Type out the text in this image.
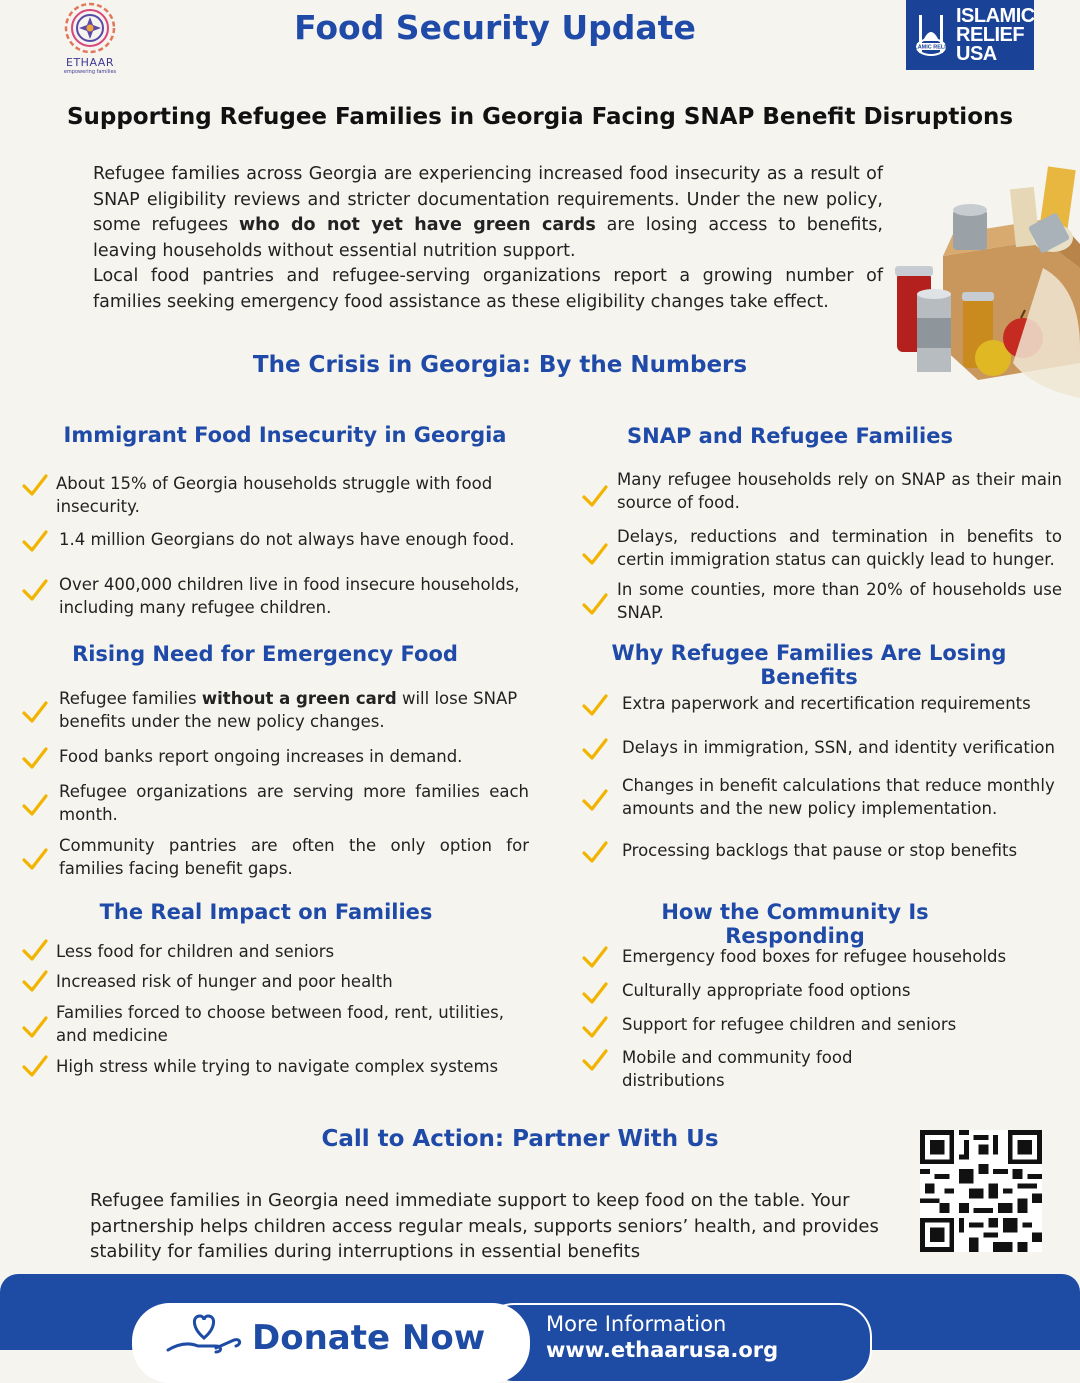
ETHAAR
empowering families
Food Security Update
ISLAMIC RELIEF
ISLAMIC
RELIEF
USA
Supporting Refugee Families in Georgia Facing SNAP Benefit Disruptions
Refugee families across Georgia are experiencing increased food insecurity as a result of SNAP eligibility reviews and stricter documentation requirements. Under the new policy, some refugees who do not yet have green cards are losing access to benefits, leaving households without essential nutrition support.
Local food pantries and refugee-serving organizations report a growing number of families seeking emergency food assistance as these eligibility changes take effect.
The Crisis in Georgia: By the Numbers
Immigrant Food Insecurity in Georgia
About 15% of Georgia households struggle with food insecurity.
1.4 million Georgians do not always have enough food.
Over 400,000 children live in food insecure households, including many refugee children.
SNAP and Refugee Families
Many refugee households rely on SNAP as their main source of food.
Delays, reductions and termination in benefits to certin immigration status can quickly lead to hunger.
In some counties, more than 20% of households use SNAP.
Rising Need for Emergency Food
Refugee families without a green card will lose SNAP benefits under the new policy changes.
Food banks report ongoing increases in demand.
Refugee organizations are serving more families each month.
Community pantries are often the only option for families facing benefit gaps.
Why Refugee Families Are Losing Benefits
Extra paperwork and recertification requirements
Delays in immigration, SSN, and identity verification
Changes in benefit calculations that reduce monthly amounts and the new policy implementation.
Processing backlogs that pause or stop benefits
The Real Impact on Families
Less food for children and seniors
Increased risk of hunger and poor health
Families forced to choose between food, rent, utilities, and medicine
High stress while trying to navigate complex systems
How the Community Is Responding
Emergency food boxes for refugee households
Culturally appropriate food options
Support for refugee children and seniors
Mobile and community food distributions
Call to Action: Partner With Us
Refugee families in Georgia need immediate support to keep food on the table. Your partnership helps children access regular meals, supports seniors’ health, and provides stability for families during interruptions in essential benefits
More Information
www.ethaarusa.org
Donate Now
